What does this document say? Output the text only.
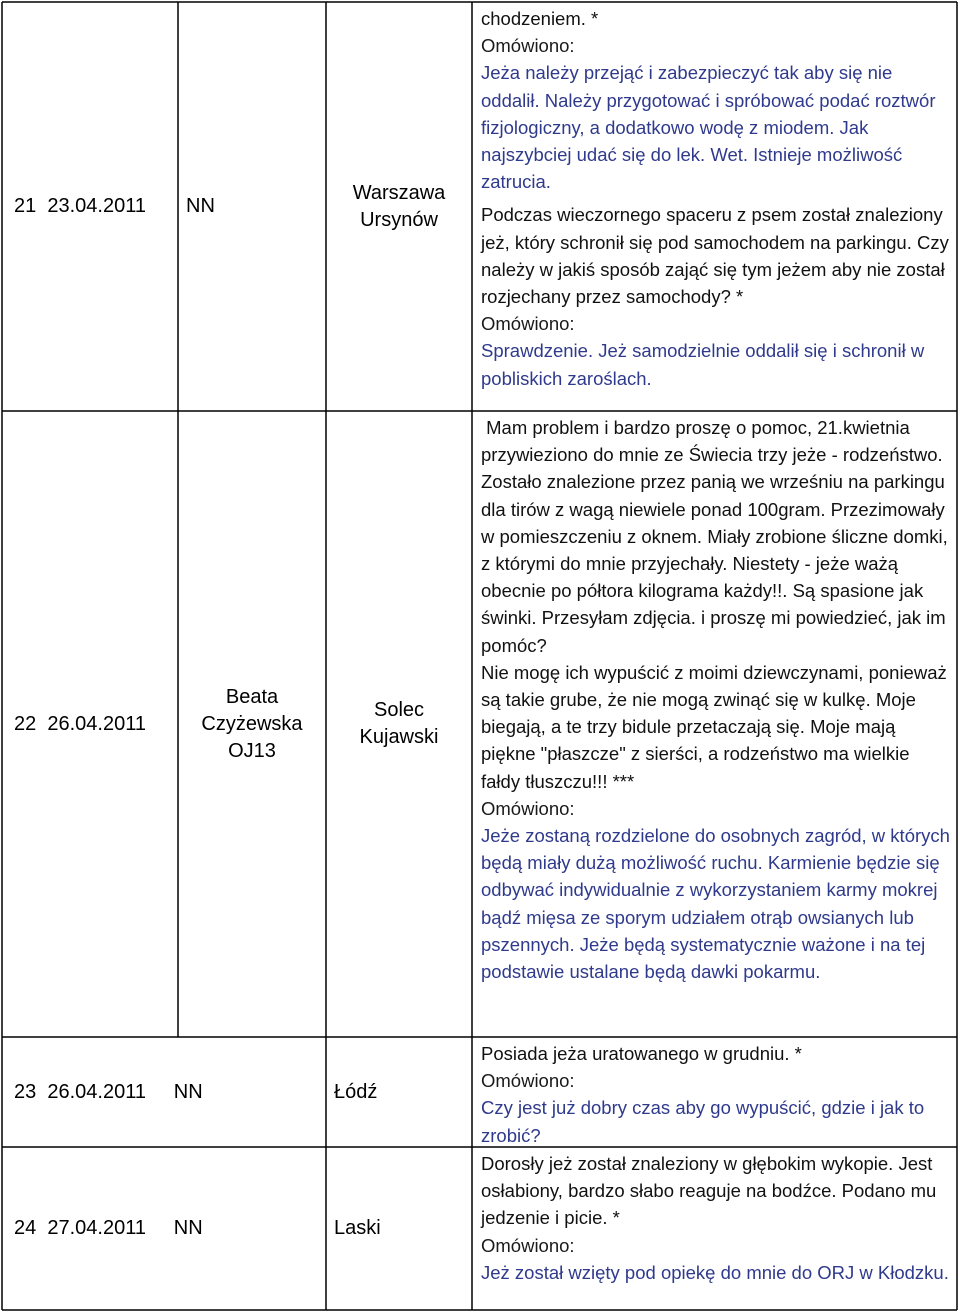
21
23.04.2011 NN
Warszawa
Ursynów

chodzeniem. *

Omówiono:

Jeża należy przejąć i zabezpieczyć tak aby się nie oddalił. Należy przygotować i spróbować podać roztwór fizjologiczny, a dodatkowo wodę z miodem. Jak najszybciej udać się do lek. Wet. Istnieje możliwość zatrucia.

Podczas wieczornego spaceru z psem został znaleziony jeż, który schronił się pod samochodem na parkingu. Czy należy w jakiś sposób zająć się tym jeżem aby nie został rozjechany przez samochody? *

Omówiono:

Sprawdzenie. Jeż samodzielnie oddalił się i schronił w pobliskich zaroślach.

22
26.04.2011
Beata
Czyżewska
OJ13
Solec
Kujawski

Mam problem i bardzo proszę o pomoc, 21.kwietnia przywieziono do mnie ze Świecia trzy jeże - rodzeństwo. Zostało znalezione przez panią we wrześniu na parkingu dla tirów z wagą niewiele ponad 100gram. Przezimowały w pomieszczeniu z oknem. Miały zrobione śliczne domki, z którymi do mnie przyjechały. Niestety - jeże ważą obecnie po półtora kilograma każdy!!. Są spasione jak świnki. Przesyłam zdjęcia. i proszę mi powiedzieć, jak im pomóc?

Nie mogę ich wypuścić z moimi dziewczynami, ponieważ są takie grube, że nie mogą zwinąć się w kulkę. Moje biegają, a te trzy bidule przetaczają się. Moje mają piękne "płaszcze" z sierści, a rodzeństwo ma wielkie fałdy tłuszczu!!! ***

Omówiono:

Jeże zostaną rozdzielone do osobnych zagród, w których będą miały dużą możliwość ruchu. Karmienie będzie się odbywać indywidualnie z wykorzystaniem karmy mokrej bądź mięsa ze sporym udziałem otrąb owsianych lub pszennych. Jeże będą systematycznie ważone i na tej podstawie ustalane będą dawki pokarmu.

23
26.04.2011
NN	Łódź

Posiada jeża uratowanego w grudniu. *

Omówiono:

Czy jest już dobry czas aby go wypuścić, gdzie i jak to zrobić?

24
27.04.2011
NN	Laski

Dorosły jeż został znaleziony w głębokim wykopie. Jest osłabiony, bardzo słabo reaguje na bodźce. Podano mu jedzenie i picie. *

Omówiono:

Jeż został wzięty pod opiekę do mnie do ORJ w Kłodzku.
